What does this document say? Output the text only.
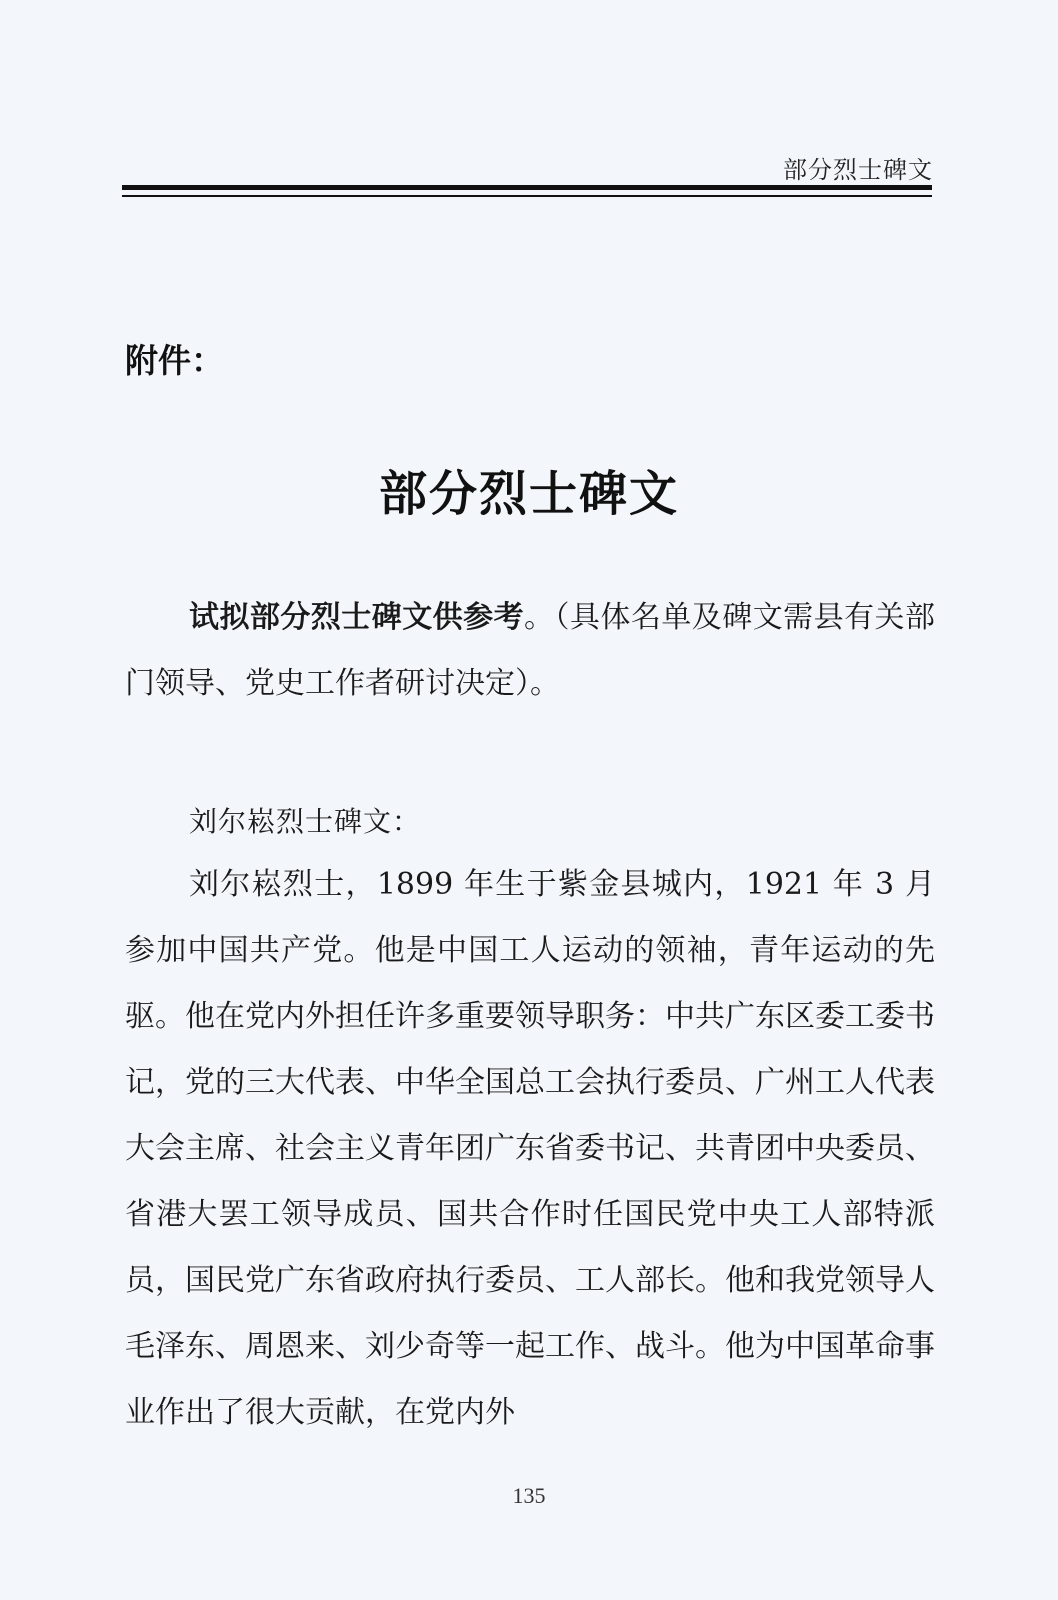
部分烈士碑文
附件：
部分烈士碑文
试拟部分烈士碑文供参考。（具体名单及碑文需县有关部门领导、党史工作者研讨决定）。
刘尔崧烈士碑文：
刘尔崧烈士，1899 年生于紫金县城内，1921 年 3 月参加中国共产党。他是中国工人运动的领袖，青年运动的先驱。他在党内外担任许多重要领导职务：中共广东区委工委书记，党的三大代表、中华全国总工会执行委员、广州工人代表大会主席、社会主义青年团广东省委书记、共青团中央委员、省港大罢工领导成员、国共合作时任国民党中央工人部特派员，国民党广东省政府执行委员、工人部长。他和我党领导人毛泽东、周恩来、刘少奇等一起工作、战斗。他为中国革命事业作出了很大贡献，在党内外
135
